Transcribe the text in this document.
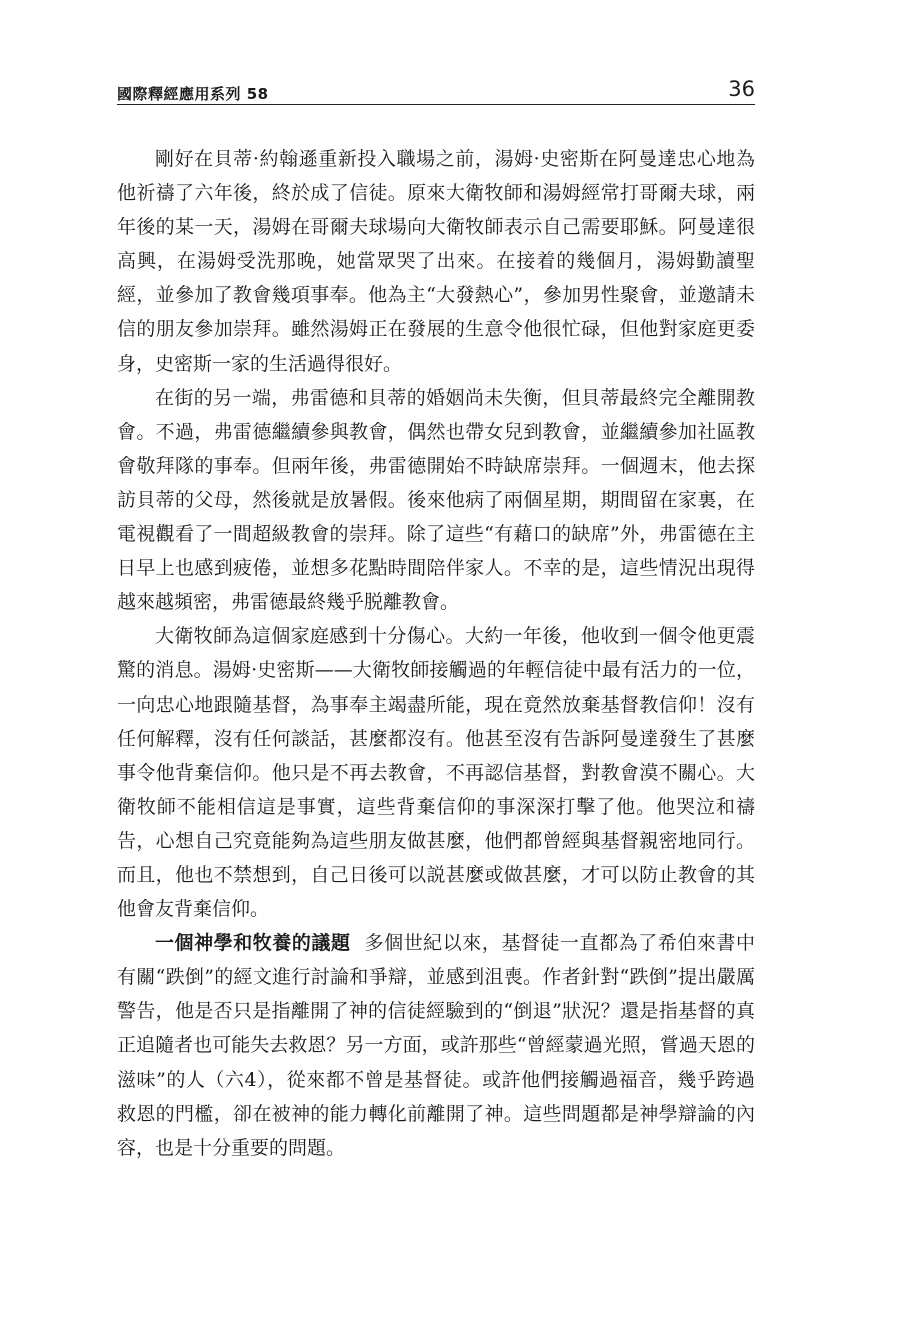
國際釋經應用系列 58	36

剛好在貝蒂·約翰遜重新投入職場之前，湯姆·史密斯在阿曼達忠心地為他祈禱了六年後，終於成了信徒。原來大衛牧師和湯姆經常打哥爾夫球，兩年後的某一天，湯姆在哥爾夫球場向大衛牧師表示自己需要耶穌。阿曼達很高興，在湯姆受洗那晚，她當眾哭了出來。在接着的幾個月，湯姆勤讀聖經，並參加了教會幾項事奉。他為主“大發熱心”，參加男性聚會，並邀請未信的朋友參加崇拜。雖然湯姆正在發展的生意令他很忙碌，但他對家庭更委身，史密斯一家的生活過得很好。

在街的另一端，弗雷德和貝蒂的婚姻尚未失衡，但貝蒂最終完全離開教會。不過，弗雷德繼續參與教會，偶然也帶女兒到教會，並繼續參加社區教會敬拜隊的事奉。但兩年後，弗雷德開始不時缺席崇拜。一個週末，他去探訪貝蒂的父母，然後就是放暑假。後來他病了兩個星期，期間留在家裏，在電視觀看了一間超級教會的崇拜。除了這些“有藉口的缺席”外，弗雷德在主日早上也感到疲倦，並想多花點時間陪伴家人。不幸的是，這些情況出現得越來越頻密，弗雷德最終幾乎脱離教會。

大衛牧師為這個家庭感到十分傷心。大約一年後，他收到一個令他更震驚的消息。湯姆·史密斯——大衛牧師接觸過的年輕信徒中最有活力的一位，一向忠心地跟隨基督，為事奉主竭盡所能，現在竟然放棄基督教信仰！沒有任何解釋，沒有任何談話，甚麼都沒有。他甚至沒有告訴阿曼達發生了甚麼事令他背棄信仰。他只是不再去教會，不再認信基督，對教會漠不關心。大衛牧師不能相信這是事實，這些背棄信仰的事深深打擊了他。他哭泣和禱告，心想自己究竟能夠為這些朋友做甚麼，他們都曾經與基督親密地同行。而且，他也不禁想到，自己日後可以説甚麼或做甚麼，才可以防止教會的其他會友背棄信仰。

一個神學和牧養的議題 多個世紀以來，基督徒一直都為了希伯來書中有關“跌倒”的經文進行討論和爭辯，並感到沮喪。作者針對“跌倒”提出嚴厲警告，他是否只是指離開了神的信徒經驗到的“倒退”狀況？還是指基督的真正追隨者也可能失去救恩？另一方面，或許那些“曾經蒙過光照，嘗過天恩的滋味”的人（六4），從來都不曾是基督徒。或許他們接觸過福音，幾乎跨過救恩的門檻，卻在被神的能力轉化前離開了神。這些問題都是神學辯論的內容，也是十分重要的問題。
